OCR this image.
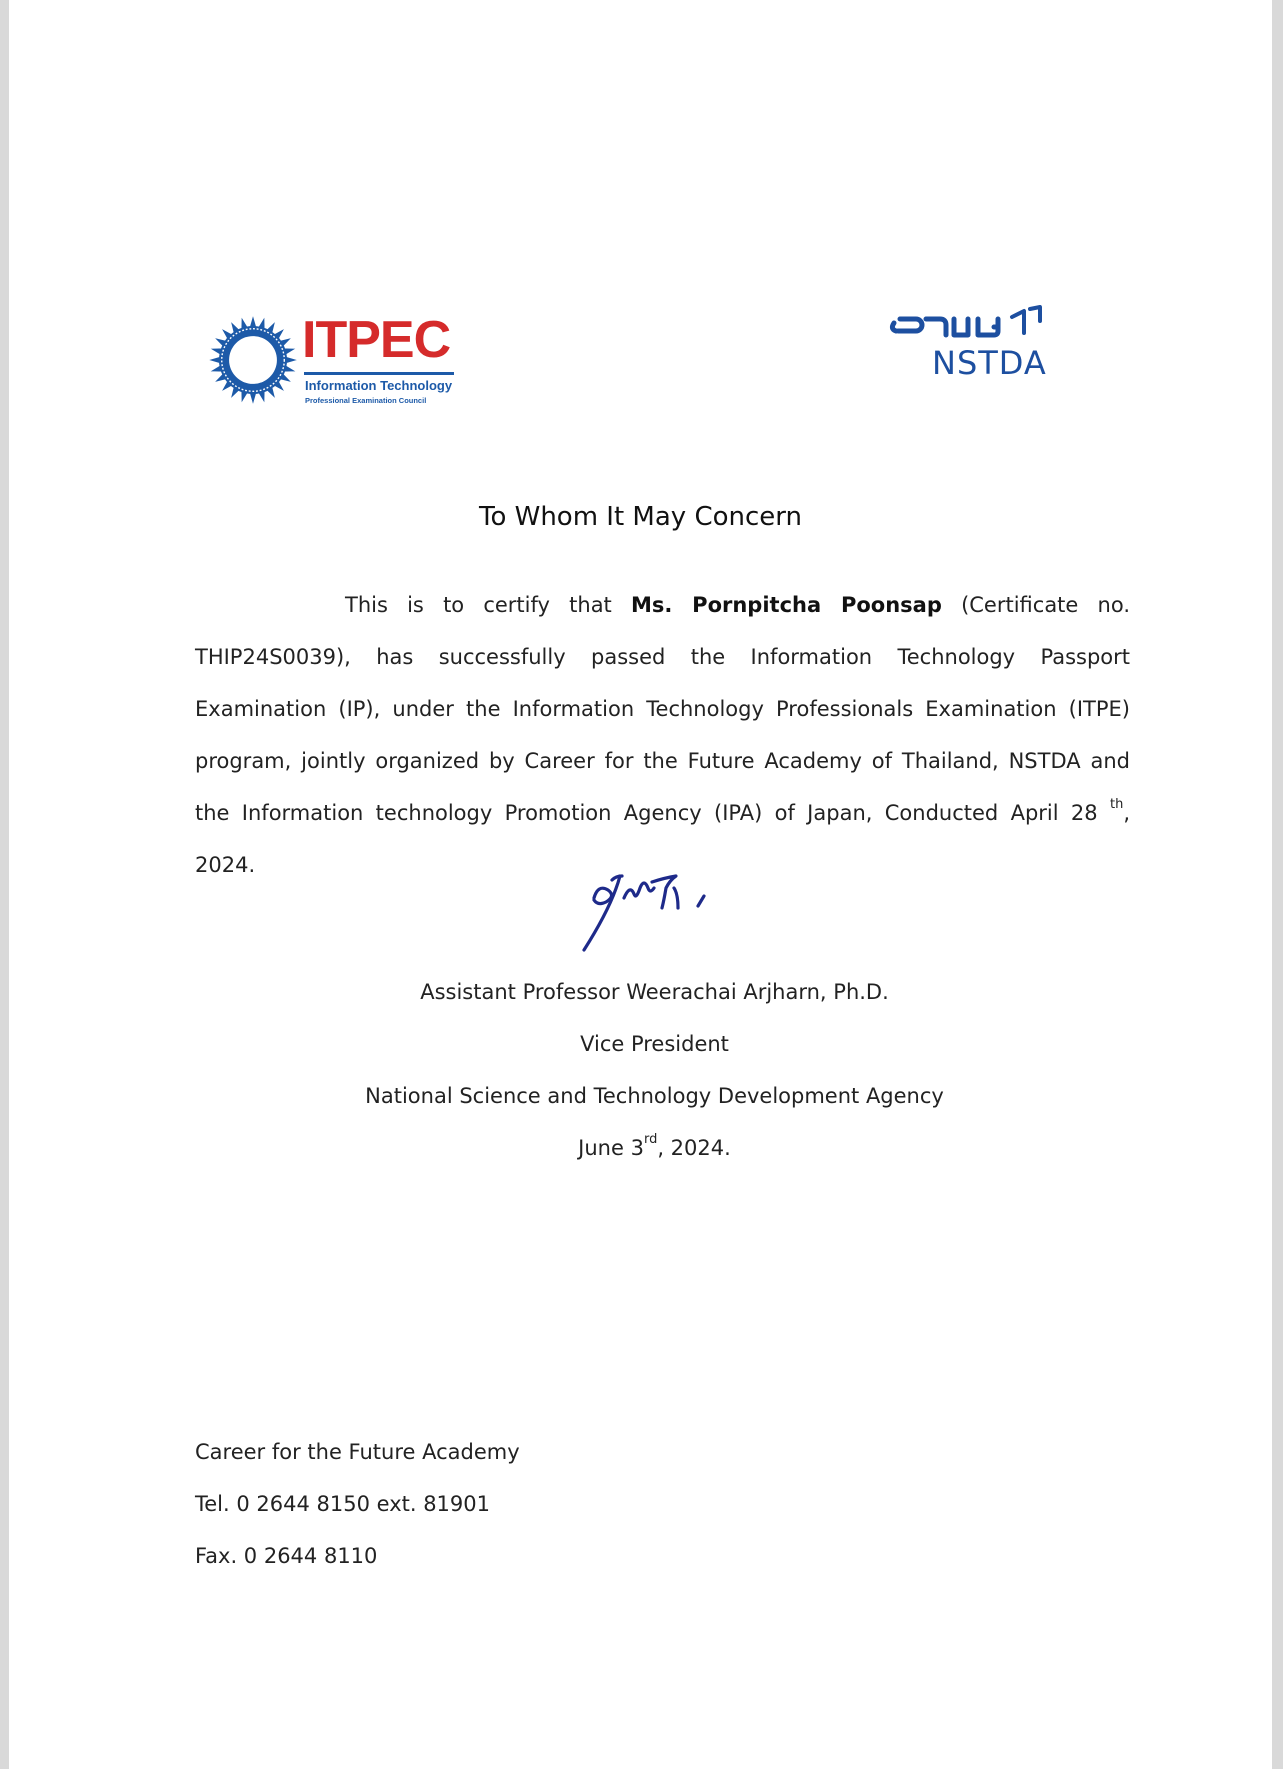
ITPEC
Information Technology
Professional Examination Council
NSTDA
To Whom It May Concern

This is to certify that Ms. Pornpitcha Poonsap (Certificate no. THIP24S0039), has successfully passed the Information Technology Passport Examination (IP), under the Information Technology Professionals Examination (ITPE) program, jointly organized by Career for the Future Academy of Thailand, NSTDA and the Information technology Promotion Agency (IPA) of Japan, Conducted April 28 $^{th}$, 2024.

Assistant Professor Weerachai Arjharn, Ph.D.
Vice President
National Science and Technology Development Agency
June 3rd, 2024.
Career for the Future Academy
Tel. 0 2644 8150 ext. 81901
Fax. 0 2644 8110
